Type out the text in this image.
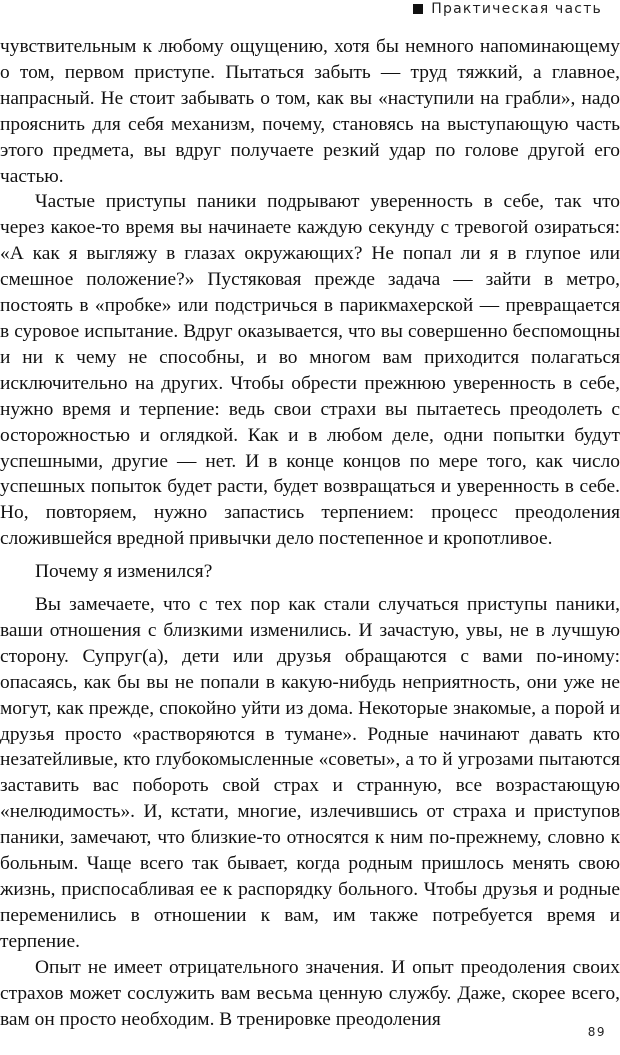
Практическая часть

чувствительным к любому ощущению, хотя бы немного напоминающему о том, первом приступе. Пытаться забыть — труд тяжкий, а главное, напрасный. Не стоит забывать о том, как вы «наступили на грабли», надо прояснить для себя механизм, почему, становясь на выступающую часть этого предмета, вы вдруг получаете резкий удар по голове другой его частью.

Частые приступы паники подрывают уверенность в себе, так что через какое-то время вы начинаете каждую секунду с тревогой озираться: «А как я выгляжу в глазах окружающих? Не попал ли я в глупое или смешное положение?» Пустяковая прежде задача — зайти в метро, постоять в «пробке» или подстричься в парикмахерской — превращается в суровое испытание. Вдруг оказывается, что вы совершенно беспомощны и ни к чему не способны, и во многом вам приходится полагаться исключительно на других. Чтобы обрести прежнюю уверенность в себе, нужно время и терпение: ведь свои страхи вы пытаетесь преодолеть с осторожностью и оглядкой. Как и в любом деле, одни попытки будут успешными, другие — нет. И в конце концов по мере того, как число успешных попыток будет расти, будет возвращаться и уверенность в себе. Но, повторяем, нужно запастись терпением: процесс преодоления сложившейся вредной привычки дело постепенное и кропотливое.

Почему я изменился?

Вы замечаете, что с тех пор как стали случаться приступы паники, ваши отношения с близкими изменились. И зачастую, увы, не в лучшую сторону. Супруг(а), дети или друзья обращаются с вами по-иному: опасаясь, как бы вы не попали в какую-нибудь неприятность, они уже не могут, как прежде, спокойно уйти из дома. Некоторые знакомые, а порой и друзья просто «растворяются в тумане». Родные начинают давать кто незатейливые, кто глубокомысленные «советы», а то й угрозами пытаются заставить вас побороть свой страх и странную, все возрастающую «нелюдимость». И, кстати, многие, излечившись от страха и приступов паники, замечают, что близкие-то относятся к ним по-прежнему, словно к больным. Чаще всего так бывает, когда родным пришлось менять свою жизнь, приспосабливая ее к распорядку больного. Чтобы друзья и родные переменились в отношении к вам, им также потребуется время и терпение.

Опыт не имеет отрицательного значения. И опыт преодоления своих страхов может сослужить вам весьма ценную службу. Даже, скорее всего, вам он просто необходим. В тренировке преодоления

89
